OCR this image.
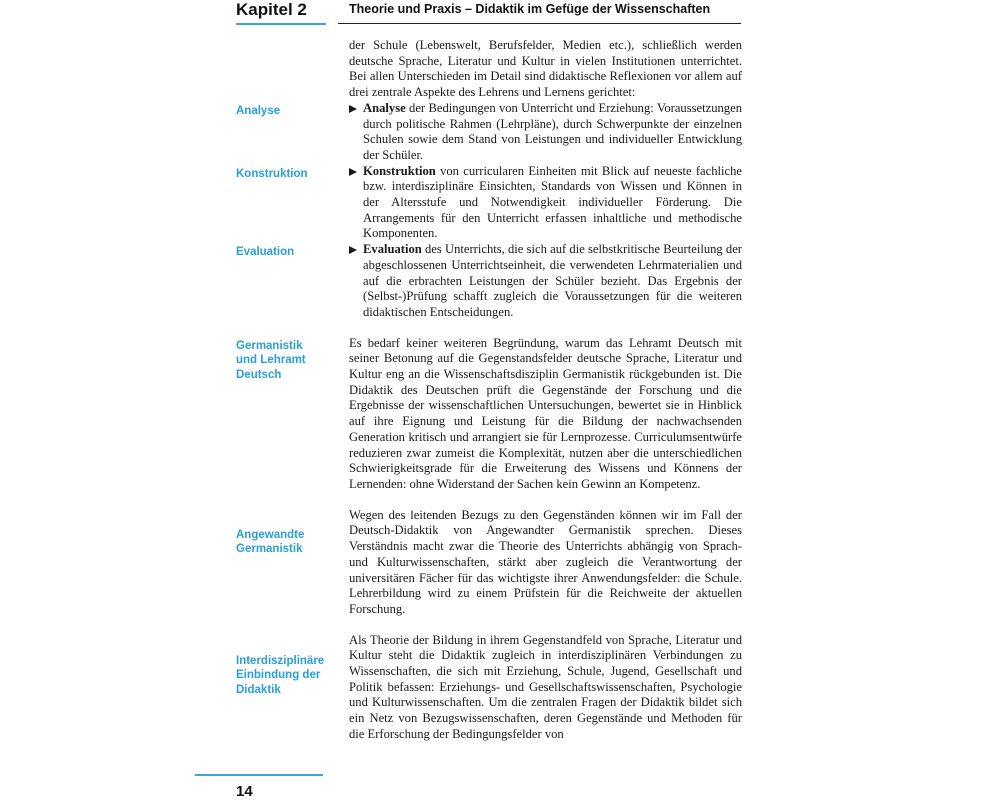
Kapitel 2	Theorie und Praxis – Didaktik im Gefüge der Wissenschaften
Analyse
Konstruktion
Evaluation
Germanistik und Lehramt Deutsch
Angewandte Germanistik
Interdisziplinäre Einbindung der Didaktik

der Schule (Lebenswelt, Berufsfelder, Medien etc.), schließlich werden deutsche Sprache, Literatur und Kultur in vielen Institutionen unterrichtet. Bei allen Unterschieden im Detail sind didaktische Reflexionen vor allem auf drei zentrale Aspekte des Lehrens und Lernens gerichtet:

Analyse der Bedingungen von Unterricht und Erziehung: Voraussetzungen durch politische Rahmen (Lehrpläne), durch Schwerpunkte der einzelnen Schulen sowie dem Stand von Leistungen und individueller Entwicklung der Schüler.

Konstruktion von curricularen Einheiten mit Blick auf neueste fachliche bzw. interdisziplinäre Einsichten, Standards von Wissen und Können in der Altersstufe und Notwendigkeit individueller Förderung. Die Arrangements für den Unterricht erfassen inhaltliche und methodische Komponenten.

Evaluation des Unterrichts, die sich auf die selbstkritische Beurteilung der abgeschlossenen Unterrichtseinheit, die verwendeten Lehrmaterialien und auf die erbrachten Leistungen der Schüler bezieht. Das Ergebnis der (Selbst-)Prüfung schafft zugleich die Voraussetzungen für die weiteren didaktischen Entscheidungen.

Es bedarf keiner weiteren Begründung, warum das Lehramt Deutsch mit seiner Betonung auf die Gegenstandsfelder deutsche Sprache, Literatur und Kultur eng an die Wissenschaftsdisziplin Germanistik rückgebunden ist. Die Didaktik des Deutschen prüft die Gegenstände der Forschung und die Ergebnisse der wissenschaftlichen Untersuchungen, bewertet sie in Hinblick auf ihre Eignung und Leistung für die Bildung der nachwachsenden Generation kritisch und arrangiert sie für Lernprozesse. Curriculumsentwürfe reduzieren zwar zumeist die Komplexität, nutzen aber die unterschiedlichen Schwierigkeitsgrade für die Erweiterung des Wissens und Könnens der Lernenden: ohne Widerstand der Sachen kein Gewinn an Kompetenz.

Wegen des leitenden Bezugs zu den Gegenständen können wir im Fall der Deutsch-Didaktik von Angewandter Germanistik sprechen. Dieses Verständnis macht zwar die Theorie des Unterrichts abhängig von Sprach- und Kulturwissenschaften, stärkt aber zugleich die Verantwortung der universitären Fächer für das wichtigste ihrer Anwendungsfelder: die Schule. Lehrerbildung wird zu einem Prüfstein für die Reichweite der aktuellen Forschung.

Als Theorie der Bildung in ihrem Gegenstandfeld von Sprache, Literatur und Kultur steht die Didaktik zugleich in interdisziplinären Verbindungen zu Wissenschaften, die sich mit Erziehung, Schule, Jugend, Gesellschaft und Politik befassen: Erziehungs- und Gesellschaftswissenschaften, Psychologie und Kulturwissenschaften. Um die zentralen Fragen der Didaktik bildet sich ein Netz von Bezugswissenschaften, deren Gegenstände und Methoden für die Erforschung der Bedingungsfelder von

14
